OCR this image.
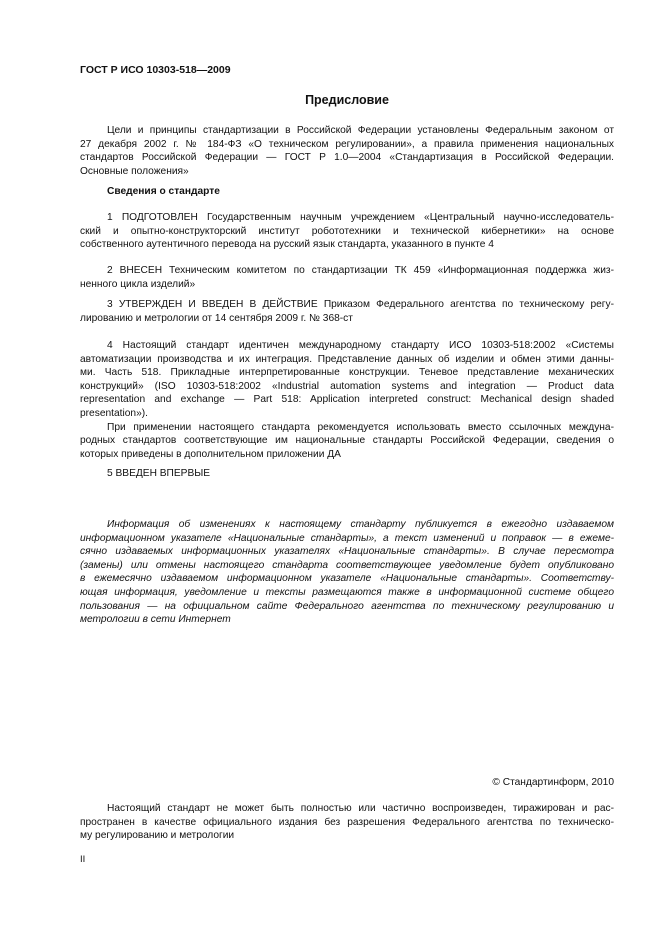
ГОСТ Р ИСО 10303-518—2009
Предисловие
Цели и принципы стандартизации в Российской Федерации установлены Федеральным законом от
27 декабря 2002 г. № 184-ФЗ «О техническом регулировании», а правила применения национальных
стандартов Российской Федерации — ГОСТ Р 1.0—2004 «Стандартизация в Российской Федерации.
Основные положения»
Сведения о стандарте
1 ПОДГОТОВЛЕН Государственным научным учреждением «Центральный научно-исследователь-
ский и опытно-конструкторский институт робототехники и технической кибернетики» на основе
собственного аутентичного перевода на русский язык стандарта, указанного в пункте 4
2 ВНЕСЕН Техническим комитетом по стандартизации ТК 459 «Информационная поддержка жиз-
ненного цикла изделий»
3 УТВЕРЖДЕН И ВВЕДЕН В ДЕЙСТВИЕ Приказом Федерального агентства по техническому регу-
лированию и метрологии от 14 сентября 2009 г. № 368-ст
4 Настоящий стандарт идентичен международному стандарту ИСО 10303-518:2002 «Системы
автоматизации производства и их интеграция. Представление данных об изделии и обмен этими данны-
ми. Часть 518. Прикладные интерпретированные конструкции. Теневое представление механических
конструкций» (ISO 10303-518:2002 «Industrial automation systems and integration — Product data
representation and exchange — Part 518: Application interpreted construct: Mechanical design shaded
presentation»).
При применении настоящего стандарта рекомендуется использовать вместо ссылочных междуна-
родных стандартов соответствующие им национальные стандарты Российской Федерации, сведения о
которых приведены в дополнительном приложении ДА
5 ВВЕДЕН ВПЕРВЫЕ
Информация об изменениях к настоящему стандарту публикуется в ежегодно издаваемом
информационном указателе «Национальные стандарты», а текст изменений и поправок — в ежеме-
сячно издаваемых информационных указателях «Национальные стандарты». В случае пересмотра
(замены) или отмены настоящего стандарта соответствующее уведомление будет опубликовано
в ежемесячно издаваемом информационном указателе «Национальные стандарты». Соответству-
ющая информация, уведомление и тексты размещаются также в информационной системе общего
пользования — на официальном сайте Федерального агентства по техническому регулированию и
метрологии в сети Интернет
© Стандартинформ, 2010
Настоящий стандарт не может быть полностью или частично воспроизведен, тиражирован и рас-
пространен в качестве официального издания без разрешения Федерального агентства по техническо-
му регулированию и метрологии
II
